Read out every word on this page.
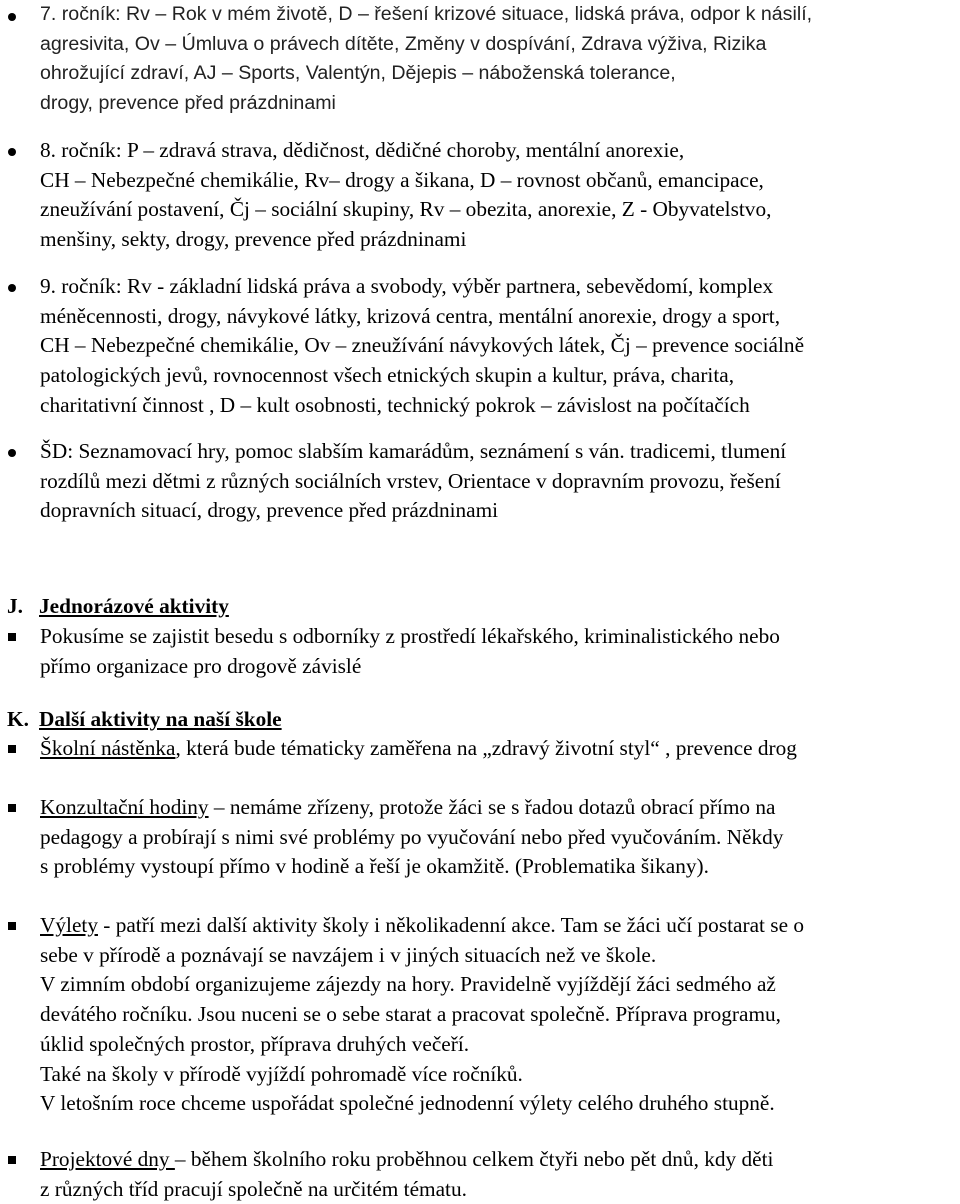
7. ročník: Rv – Rok v mém životě, D – řešení krizové situace, lidská práva, odpor k násilí,
agresivita, Ov – Úmluva o právech dítěte, Změny v dospívání, Zdrava výživa, Rizika
ohrožující zdraví, AJ – Sports, Valentýn, Dějepis – náboženská tolerance,
drogy, prevence před prázdninami
8. ročník: P – zdravá strava, dědičnost, dědičné choroby, mentální anorexie,
CH – Nebezpečné chemikálie, Rv– drogy a šikana, D – rovnost občanů, emancipace,
zneužívání postavení, Čj – sociální skupiny, Rv – obezita, anorexie, Z - Obyvatelstvo,
menšiny, sekty, drogy, prevence před prázdninami
9. ročník: Rv - základní lidská práva a svobody, výběr partnera, sebevědomí, komplex
méněcennosti, drogy, návykové látky, krizová centra, mentální anorexie, drogy a sport,
CH – Nebezpečné chemikálie, Ov – zneužívání návykových látek, Čj – prevence sociálně
patologických jevů, rovnocennost všech etnických skupin a kultur, práva, charita,
charitativní činnost , D – kult osobnosti, technický pokrok – závislost na počítačích
ŠD: Seznamovací hry, pomoc slabším kamarádům, seznámení s ván. tradicemi, tlumení
rozdílů mezi dětmi z různých sociálních vrstev, Orientace v dopravním provozu, řešení
dopravních situací, drogy, prevence před prázdninami
J. Jednorázové aktivity
Pokusíme se zajistit besedu s odborníky z prostředí lékařského, kriminalistického nebo
přímo organizace pro drogově závislé
K. Další aktivity na naší škole
Školní nástěnka, která bude tématicky zaměřena na „zdravý životní styl“ , prevence drog
Konzultační hodiny – nemáme zřízeny, protože žáci se s řadou dotazů obrací přímo na
pedagogy a probírají s nimi své problémy po vyučování nebo před vyučováním. Někdy
s problémy vystoupí přímo v hodině a řeší je okamžitě. (Problematika šikany).
Výlety - patří mezi další aktivity školy i několikadenní akce. Tam se žáci učí postarat se o
sebe v přírodě a poznávají se navzájem i v jiných situacích než ve škole.
V zimním období organizujeme zájezdy na hory. Pravidelně vyjíždějí žáci sedmého až
devátého ročníku. Jsou nuceni se o sebe starat a pracovat společně. Příprava programu,
úklid společných prostor, příprava druhých večeří.
Také na školy v přírodě vyjíždí pohromadě více ročníků.
V letošním roce chceme uspořádat společné jednodenní výlety celého druhého stupně.
Projektové dny – během školního roku proběhnou celkem čtyři nebo pět dnů, kdy děti
z různých tříd pracují společně na určitém tématu.
